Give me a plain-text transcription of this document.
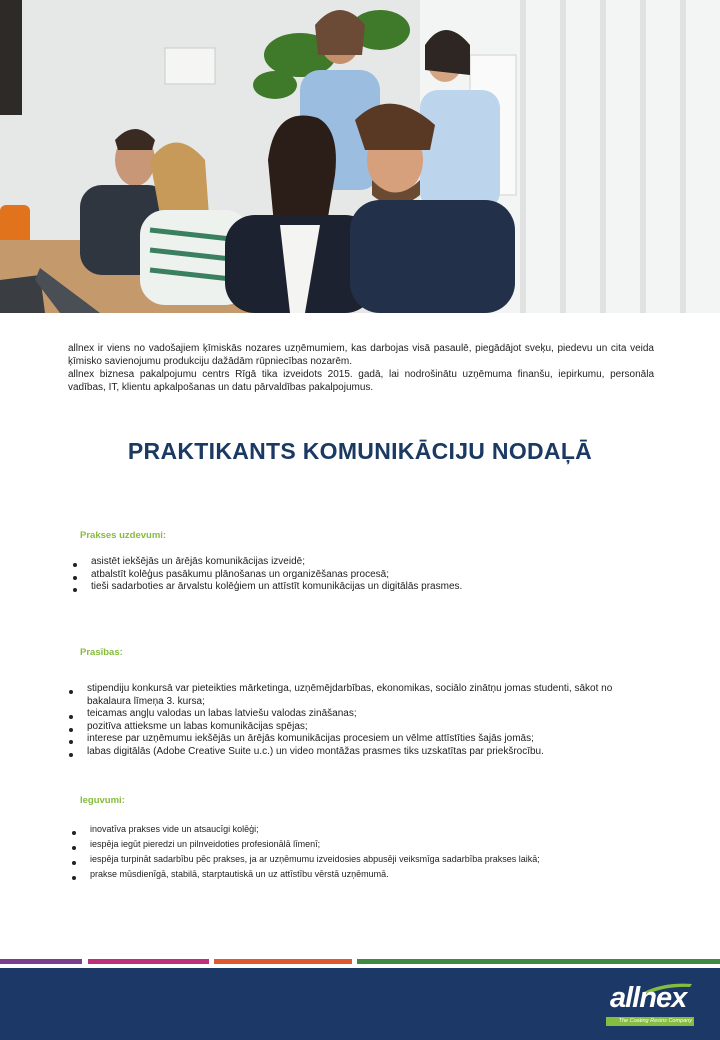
allnex ir viens no vadošajiem ķīmiskās nozares uzņēmumiem, kas darbojas visā pasaulē, piegādājot sveķu, piedevu un cita veida ķīmisko savienojumu produkciju dažādām rūpniecības nozarēm.

allnex biznesa pakalpojumu centrs Rīgā tika izveidots 2015. gadā, lai nodrošinātu uzņēmuma finanšu, iepirkumu, personāla vadības, IT, klientu apkalpošanas un datu pārvaldības pakalpojumus.

PRAKTIKANTS KOMUNIKĀCIJU NODAĻĀ
Prakses uzdevumi:
asistēt iekšējās un ārējās komunikācijas izveidē;
atbalstīt kolēģus pasākumu plānošanas un organizēšanas procesā;
tieši sadarboties ar ārvalstu kolēģiem un attīstīt komunikācijas un digitālās prasmes.
Prasības:
stipendiju konkursā var pieteikties mārketinga, uzņēmējdarbības, ekonomikas, sociālo zinātņu jomas studenti, sākot no bakalaura līmeņa 3. kursa;
teicamas angļu valodas un labas latviešu valodas zināšanas;
pozitīva attieksme un labas komunikācijas spējas;
interese par uzņēmumu iekšējās un ārējās komunikācijas procesiem un vēlme attīstīties šajās jomās;
labas digitālās (Adobe Creative Suite u.c.) un video montāžas prasmes tiks uzskatītas par priekšrocību.
Ieguvumi:
inovatīva prakses vide un atsaucīgi kolēģi;
iespēja iegūt pieredzi un pilnveidoties profesionālā līmenī;
iespēja turpināt sadarbību pēc prakses, ja ar uzņēmumu izveidosies abpusēji veiksmīga sadarbība prakses laikā;
prakse mūsdienīgā, stabilā, starptautiskā un uz attīstību vērstā uzņēmumā.
allnex
The Coating Resins Company
